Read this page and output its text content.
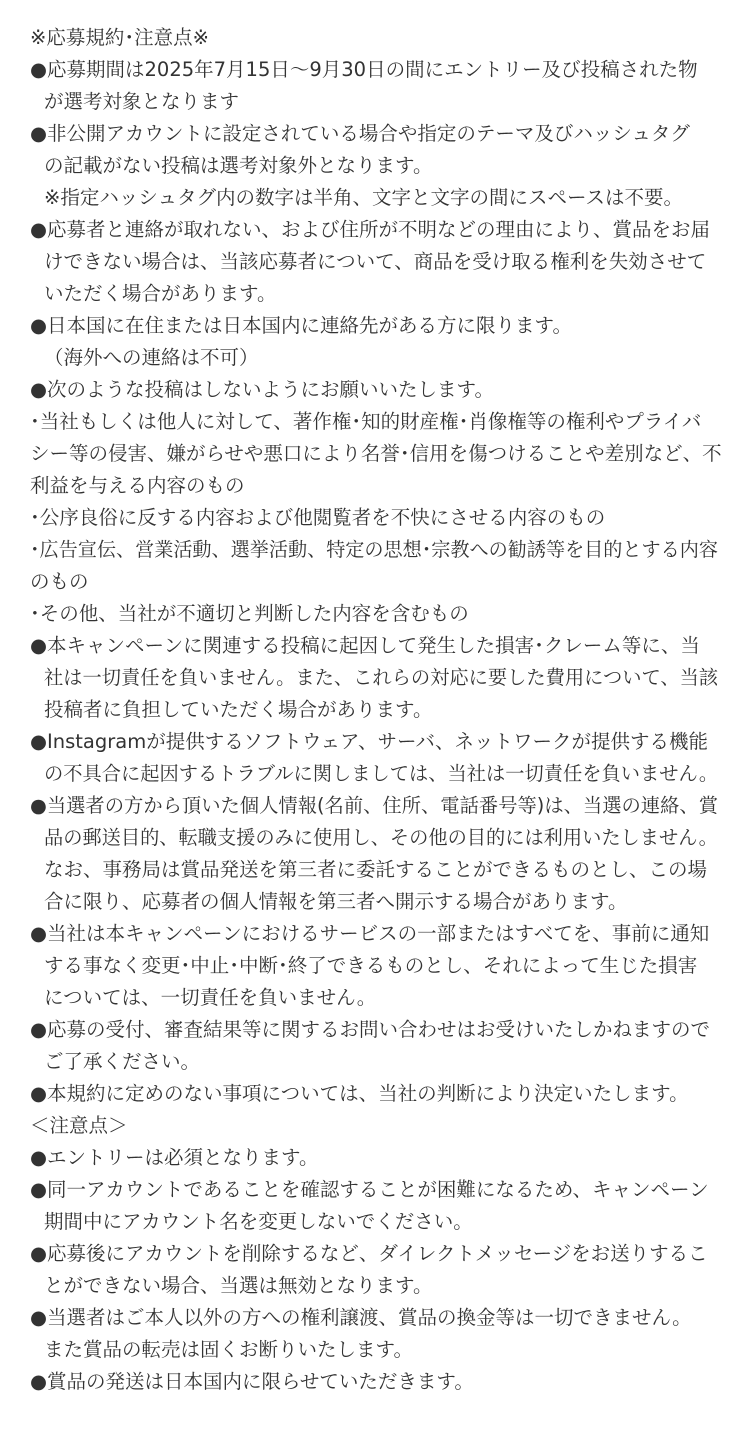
※応募規約･注意点※
●応募期間は2025年7月15日〜9月30日の間にエントリー及び投稿された物
が選考対象となります
●非公開アカウントに設定されている場合や指定のテーマ及びハッシュタグ
の記載がない投稿は選考対象外となります。
※指定ハッシュタグ内の数字は半角、文字と文字の間にスペースは不要。
●応募者と連絡が取れない、および住所が不明などの理由により、賞品をお届
けできない場合は、当該応募者について、商品を受け取る権利を失効させて
いただく場合があります。
●日本国に在住または日本国内に連絡先がある方に限ります。
（海外への連絡は不可）
●次のような投稿はしないようにお願いいたします。
･当社もしくは他人に対して、著作権･知的財産権･肖像権等の権利やプライバ
シー等の侵害、嫌がらせや悪口により名誉･信用を傷つけることや差別など、不
利益を与える内容のもの
･公序良俗に反する内容および他閲覧者を不快にさせる内容のもの
･広告宣伝、営業活動、選挙活動、特定の思想･宗教への勧誘等を目的とする内容
のもの
･その他、当社が不適切と判断した内容を含むもの
●本キャンペーンに関連する投稿に起因して発生した損害･クレーム等に、当
社は一切責任を負いません。また、これらの対応に要した費用について、当該
投稿者に負担していただく場合があります。
●Instagramが提供するソフトウェア、サーバ、ネットワークが提供する機能
の不具合に起因するトラブルに関しましては、当社は一切責任を負いません。
●当選者の方から頂いた個人情報(名前、住所、電話番号等)は、当選の連絡、賞
品の郵送目的、転職支援のみに使用し、その他の目的には利用いたしません。
なお、事務局は賞品発送を第三者に委託することができるものとし、この場
合に限り、応募者の個人情報を第三者へ開示する場合があります。
●当社は本キャンペーンにおけるサービスの一部またはすべてを、事前に通知
する事なく変更･中止･中断･終了できるものとし、それによって生じた損害
については、一切責任を負いません。
●応募の受付、審査結果等に関するお問い合わせはお受けいたしかねますので
ご了承ください。
●本規約に定めのない事項については、当社の判断により決定いたします。
＜注意点＞
●エントリーは必須となります。
●同一アカウントであることを確認することが困難になるため、キャンペーン
期間中にアカウント名を変更しないでください。
●応募後にアカウントを削除するなど、ダイレクトメッセージをお送りするこ
とができない場合、当選は無効となります。
●当選者はご本人以外の方への権利譲渡、賞品の換金等は一切できません。
また賞品の転売は固くお断りいたします。
●賞品の発送は日本国内に限らせていただきます。
